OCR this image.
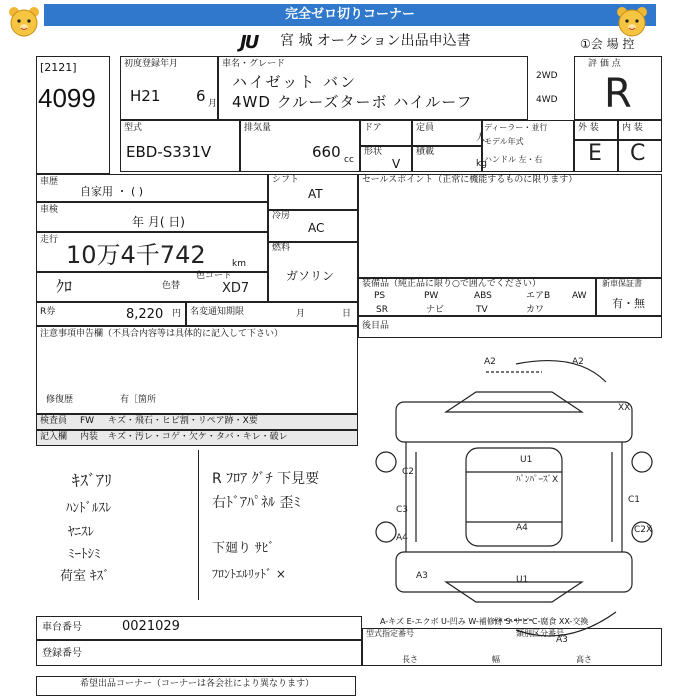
完全ゼロ切りコーナー
JU 宮 城 オークション出品申込書	①会 場 控
[2121]
4099
初度登録年月
H21 6 月
車名・グレード
ハイゼット バン
4WD クルーズターボ ハイルーフ
2WD
4WD
評 価 点
R
型式
EBD-S331V
排気量
660 cc
ドア
形状
V
定員
人
積載
kg
ディーラー・並行
モデル年式
ハンドル 左・右
外 装	内 装
E C
車歴
自家用 ・ ( )
車検
年 月( 日)
走行
10万4千742	km
ｸﾛ	色替
色コード
XD7
R券	8,220 円 名変通知期限	月	日
シフト
AT
冷房
AC
燃料
ガソリン
セールスポイント（正常に機能するものに限ります）
装備品（純正品に限り○で囲んでください）
PS	PW	ABS	エアB AW
SR	ナビ	TV	カワ
新車保証書
有・無
後目品
注意事項申告欄（不具合内容等は具体的に記入して下さい）
修復歴	有［箇所
検査員 FW キズ・飛石・ヒビ割・リペア跡・X要
記入欄 内装 キズ・汚レ・コゲ・欠ケ・タバ・キレ・破レ
ｷｽﾞｱﾘ
ﾊﾝﾄﾞﾙｽﾚ
ﾔﾆｽﾚ
ﾐｰﾄｼﾐ
荷室 ｷｽﾞ
R ﾌﾛｱ ｸﾞﾁ 下見要
右ﾄﾞｱﾊﾟﾈﾙ 歪ﾐ
下廻り ｻﾋﾞ
ﾌﾛﾝﾄｴﾙﾘｯﾄﾞ ×
A2	A2
XX
C2
U1
ﾊﾟﾝﾊﾟｰｽﾞX
C1
C3
A4
C2X
A4
U1
A3
A3
車台番号	0021029
登録番号
A-キズ E-エクボ U-凹み W-補修跡 S-サビ C-腐食 XX-交換
型式指定番号	類別区分番号
長さ	幅	高さ
希望出品コーナー（コーナーは各会社により異なります）
